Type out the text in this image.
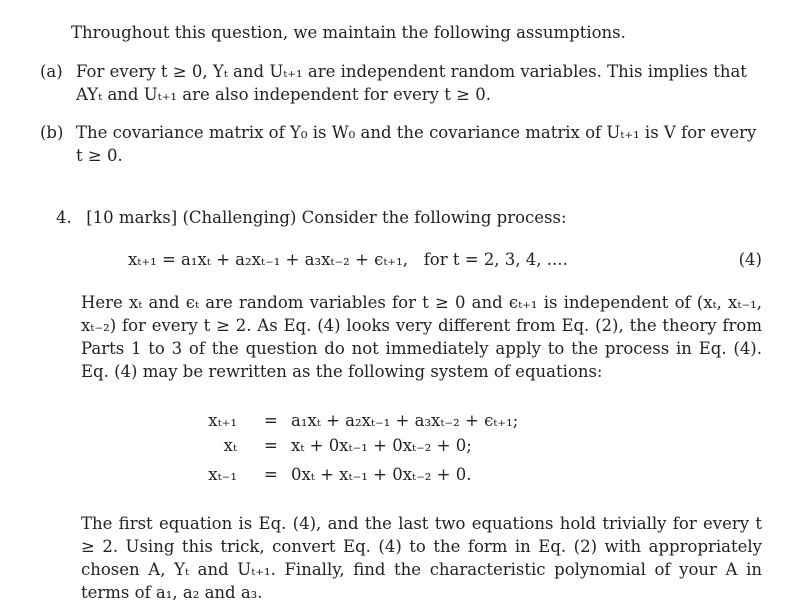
Throughout this question, we maintain the following assumptions.
(a) For every t ≥ 0, Yₜ and Uₜ₊₁ are independent random variables. This implies that
AYₜ and Uₜ₊₁ are also independent for every t ≥ 0.
(b) The covariance matrix of Y₀ is W₀ and the covariance matrix of Uₜ₊₁ is V for every
t ≥ 0.
4. [10 marks] (Challenging) Consider the following process:
xₜ₊₁ = a₁xₜ + a₂xₜ₋₁ + a₃xₜ₋₂ + ϵₜ₊₁,   for t = 2, 3, 4, ....	(4)
Here xₜ and ϵₜ are random variables for t ≥ 0 and ϵₜ₊₁ is independent of (xₜ, xₜ₋₁, xₜ₋₂) for every t ≥ 2. As Eq. (4) looks very different from Eq. (2), the theory from Parts 1 to 3 of the question do not immediately apply to the process in Eq. (4). Eq. (4) may be rewritten as the following system of equations:
xₜ₊₁ = a₁xₜ + a₂xₜ₋₁ + a₃xₜ₋₂ + ϵₜ₊₁;
xₜ = xₜ + 0xₜ₋₁ + 0xₜ₋₂ + 0;
xₜ₋₁ = 0xₜ + xₜ₋₁ + 0xₜ₋₂ + 0.
The first equation is Eq. (4), and the last two equations hold trivially for every t ≥ 2. Using this trick, convert Eq. (4) to the form in Eq. (2) with appropriately chosen A, Yₜ and Uₜ₊₁. Finally, find the characteristic polynomial of your A in terms of a₁, a₂ and a₃.
